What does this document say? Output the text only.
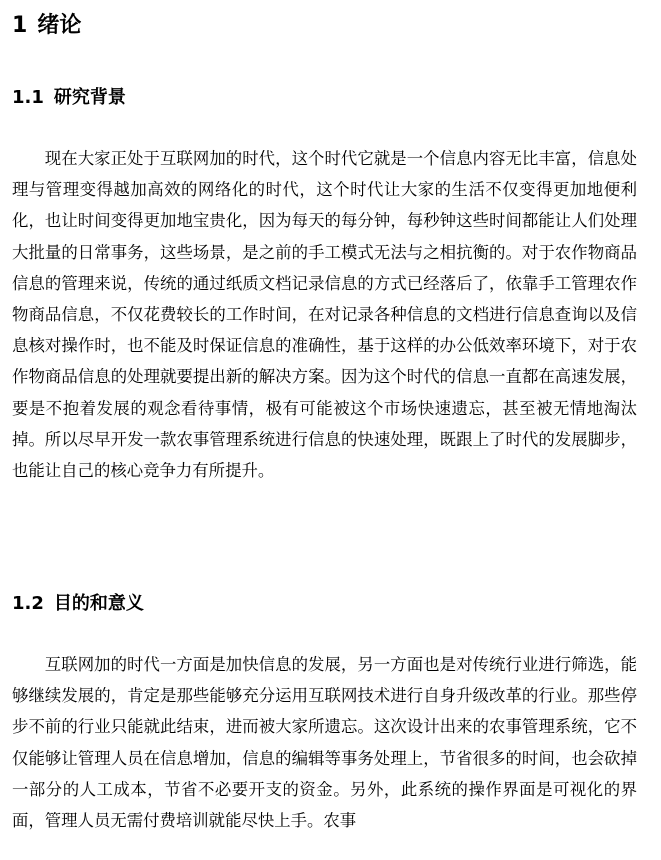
1 绪论
1.1 研究背景

现在大家正处于互联网加的时代，这个时代它就是一个信息内容无比丰富，信息处理与管理变得越加高效的网络化的时代，这个时代让大家的生活不仅变得更加地便利化，也让时间变得更加地宝贵化，因为每天的每分钟，每秒钟这些时间都能让人们处理大批量的日常事务，这些场景，是之前的手工模式无法与之相抗衡的。对于农作物商品信息的管理来说，传统的通过纸质文档记录信息的方式已经落后了，依靠手工管理农作物商品信息，不仅花费较长的工作时间，在对记录各种信息的文档进行信息查询以及信息核对操作时，也不能及时保证信息的准确性，基于这样的办公低效率环境下，对于农作物商品信息的处理就要提出新的解决方案。因为这个时代的信息一直都在高速发展，要是不抱着发展的观念看待事情，极有可能被这个市场快速遗忘，甚至被无情地淘汰掉。所以尽早开发一款农事管理系统进行信息的快速处理，既跟上了时代的发展脚步，也能让自己的核心竞争力有所提升。

1.2 目的和意义

互联网加的时代一方面是加快信息的发展，另一方面也是对传统行业进行筛选，能够继续发展的，肯定是那些能够充分运用互联网技术进行自身升级改革的行业。那些停步不前的行业只能就此结束，进而被大家所遗忘。这次设计出来的农事管理系统，它不仅能够让管理人员在信息增加，信息的编辑等事务处理上，节省很多的时间，也会砍掉一部分的人工成本，节省不必要开支的资金。另外，此系统的操作界面是可视化的界面，管理人员无需付费培训就能尽快上手。农事
